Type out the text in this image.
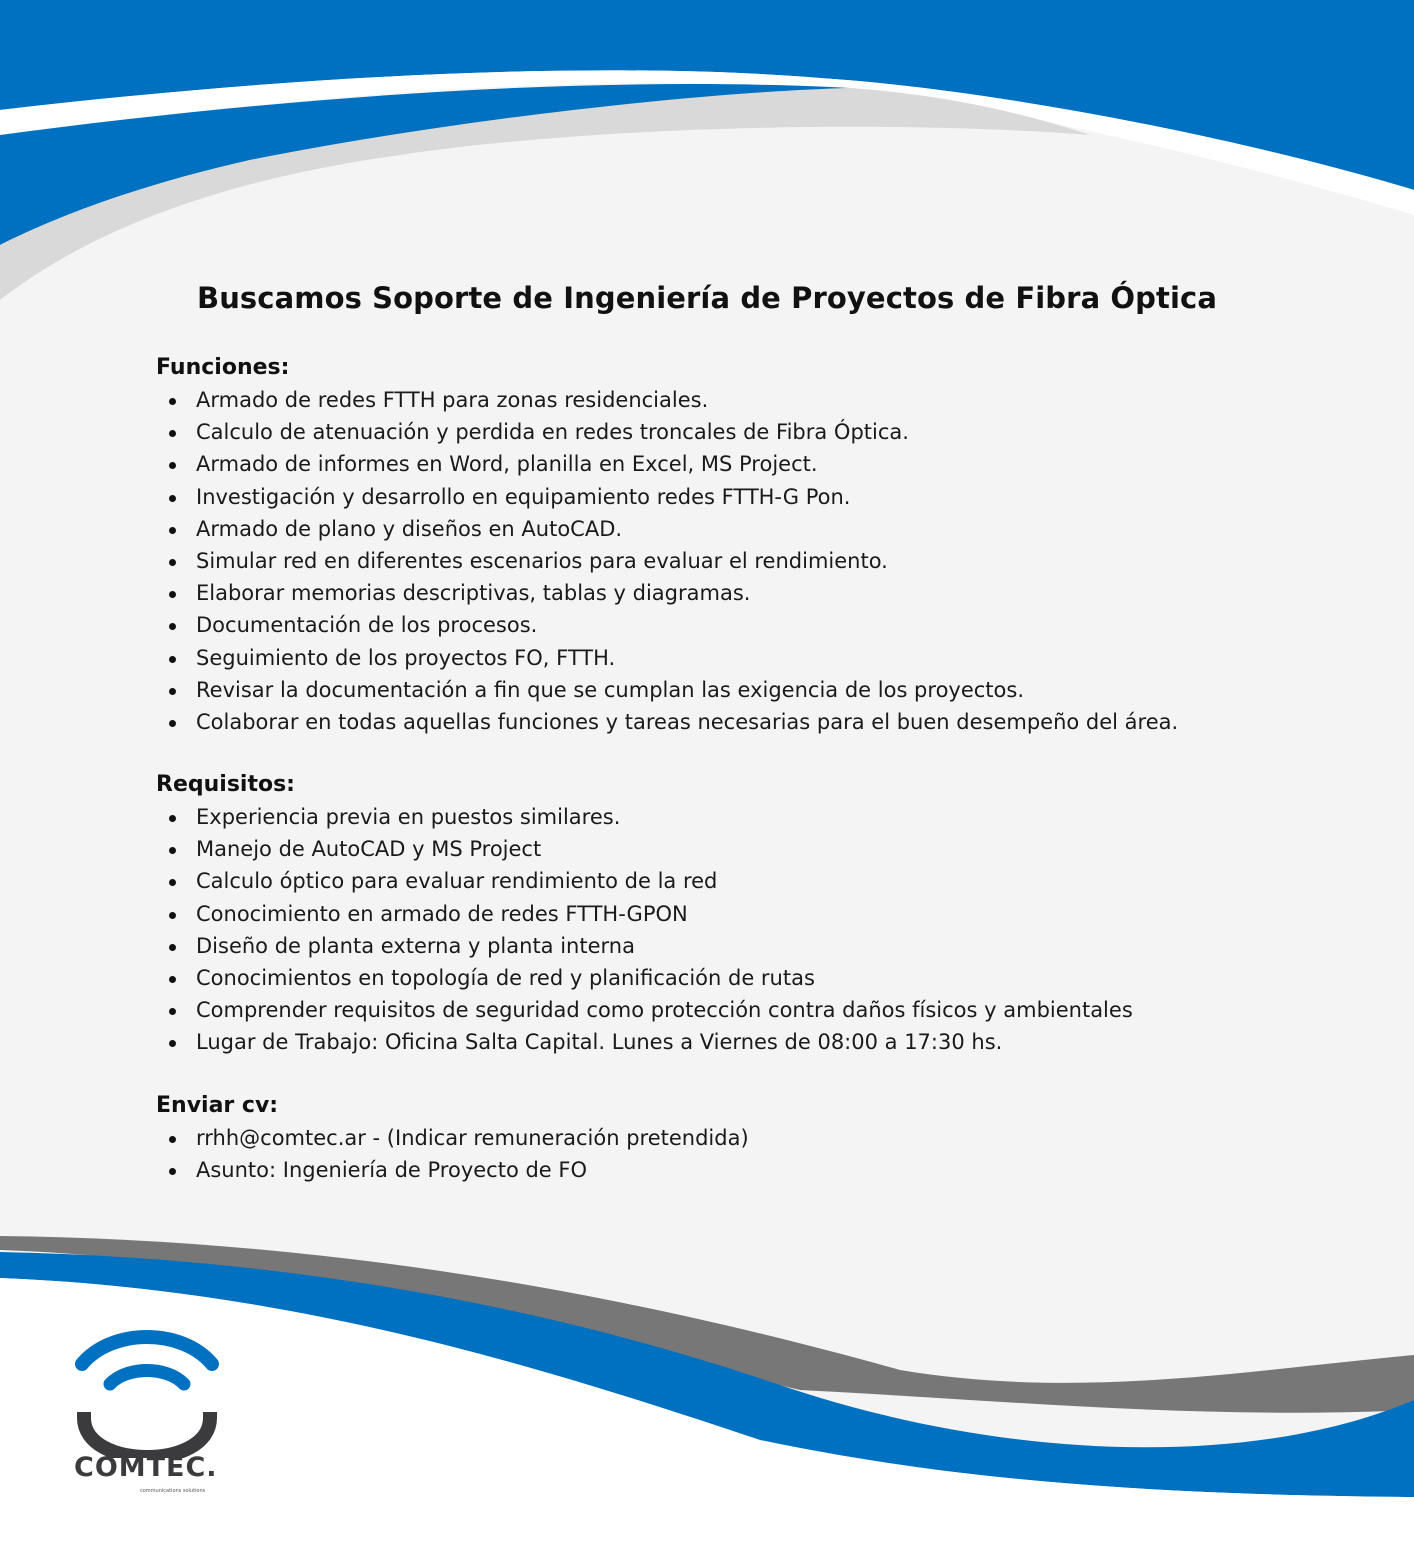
Buscamos Soporte de Ingeniería de Proyectos de Fibra Óptica
Funciones:
Armado de redes FTTH para zonas residenciales.
Calculo de atenuación y perdida en redes troncales de Fibra Óptica.
Armado de informes en Word, planilla en Excel, MS Project.
Investigación y desarrollo en equipamiento redes FTTH-G Pon.
Armado de plano y diseños en AutoCAD.
Simular red en diferentes escenarios para evaluar el rendimiento.
Elaborar memorias descriptivas, tablas y diagramas.
Documentación de los procesos.
Seguimiento de los proyectos FO, FTTH.
Revisar la documentación a fin que se cumplan las exigencia de los proyectos.
Colaborar en todas aquellas funciones y tareas necesarias para el buen desempeño del área.
Requisitos:
Experiencia previa en puestos similares.
Manejo de AutoCAD y MS Project
Calculo óptico para evaluar rendimiento de la red
Conocimiento en armado de redes FTTH-GPON
Diseño de planta externa y planta interna
Conocimientos en topología de red y planificación de rutas
Comprender requisitos de seguridad como protección contra daños físicos y ambientales
Lugar de Trabajo: Oficina Salta Capital. Lunes a Viernes de 08:00 a 17:30 hs.
Enviar cv:
rrhh@comtec.ar - (Indicar remuneración pretendida)
Asunto: Ingeniería de Proyecto de FO
COMTEC.
communications solutions
